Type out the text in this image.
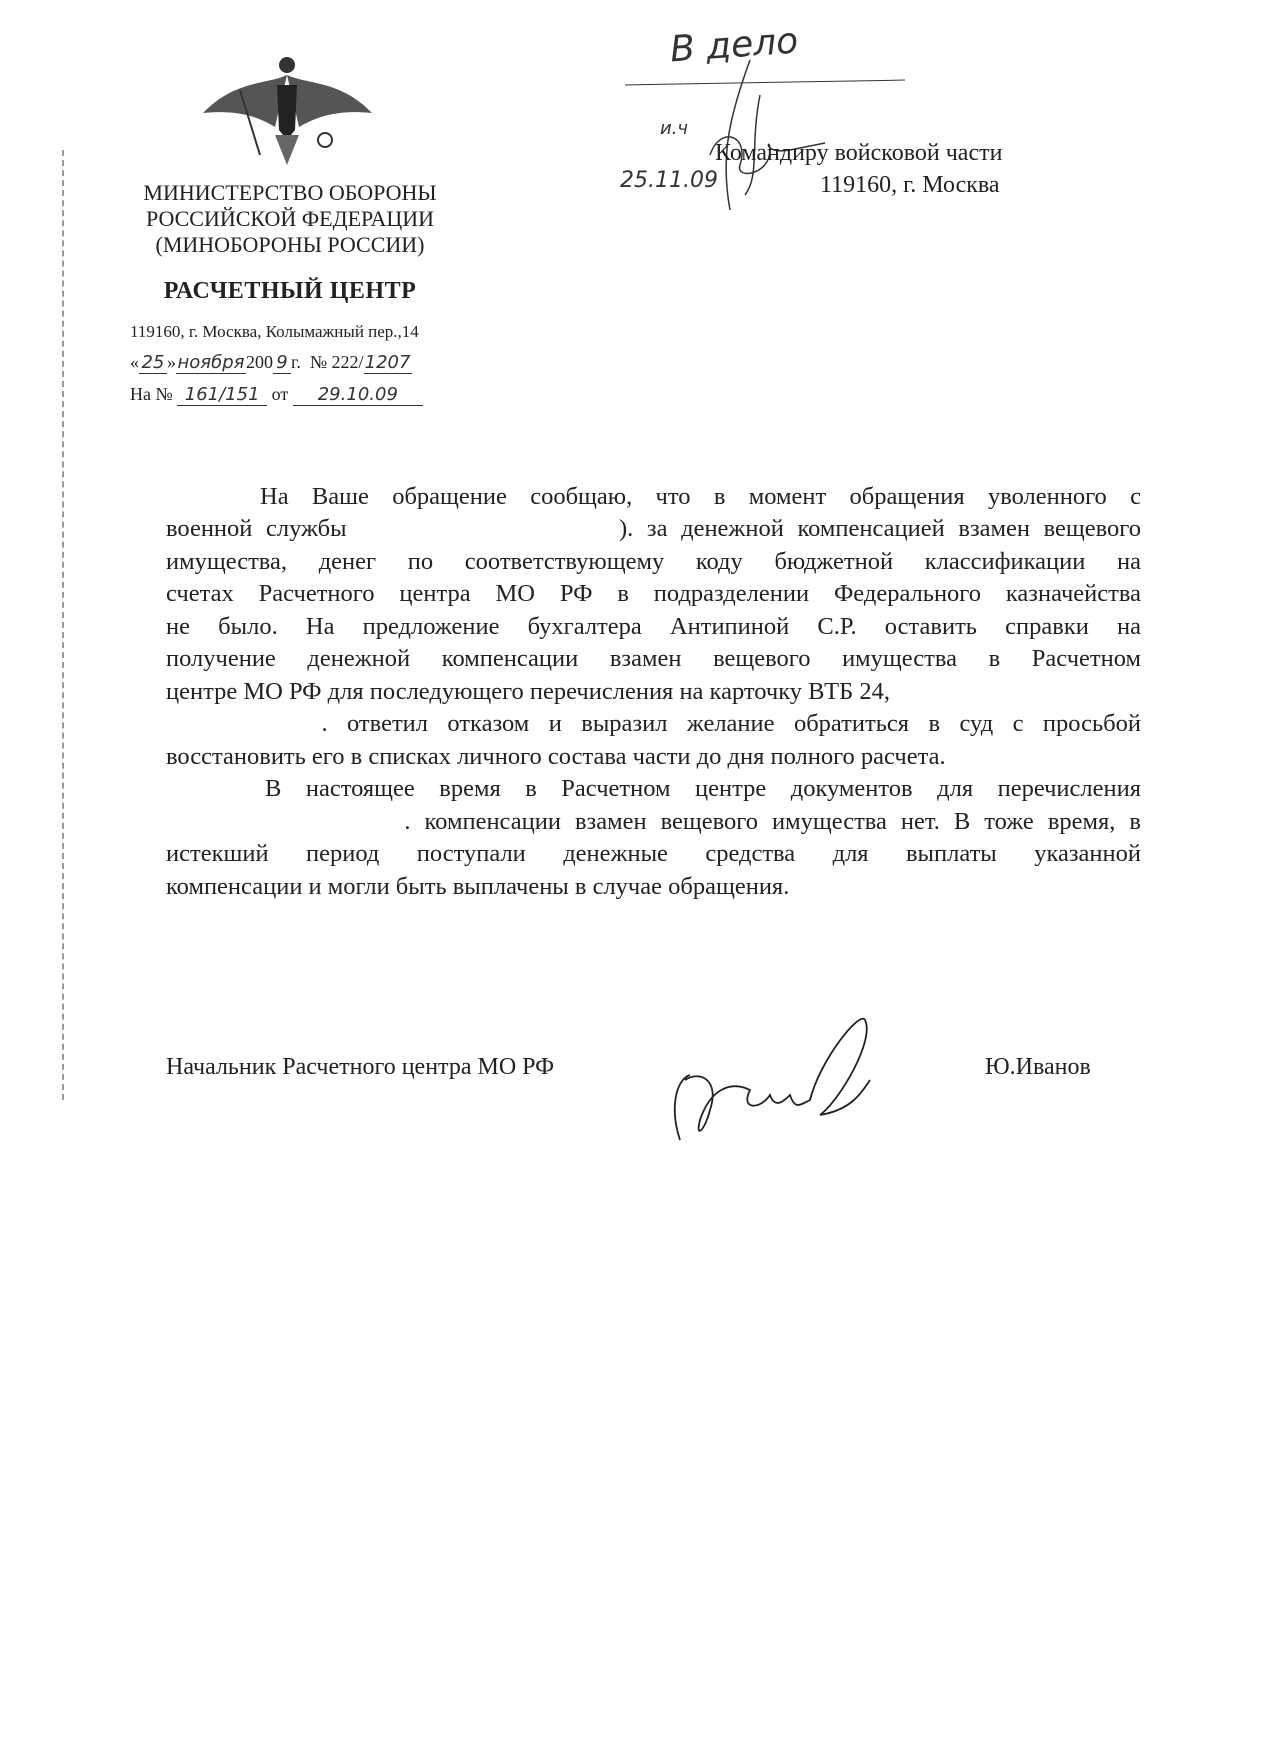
МИНИСТЕРСТВО ОБОРОНЫ
РОССИЙСКОЙ ФЕДЕРАЦИИ
(МИНОБОРОНЫ РОССИИ)
РАСЧЕТНЫЙ ЦЕНТР
119160, г. Москва, Колымажный пер.,14
« 25 »ноября200 9 г. № 222/1207
На № 161/151 от 29.10.09
В дело
и.ч
25.11.09
Командиру войсковой части
119160, г. Москва
На Ваше обращение сообщаю, что в момент обращения уволенного с
военной службы                    ). за денежной компенсацией взамен вещевого
имущества, денег по соответствующему коду бюджетной классификации на
счетах Расчетного центра МО РФ в подразделении Федерального казначейства
не было. На предложение бухгалтера Антипиной С.Р. оставить справки на
получение денежной компенсации взамен вещевого имущества в Расчетном
центре МО РФ для последующего перечисления на карточку ВТБ 24,
. ответил отказом и выразил желание обратиться в суд с просьбой
восстановить его в списках личного состава части до дня полного расчета.
В настоящее время в Расчетном центре документов для перечисления
. компенсации взамен вещевого имущества нет. В тоже время, в
истекший период поступали денежные средства для выплаты указанной
компенсации и могли быть выплачены в случае обращения.
Начальник Расчетного центра МО РФ	Ю.Иванов
